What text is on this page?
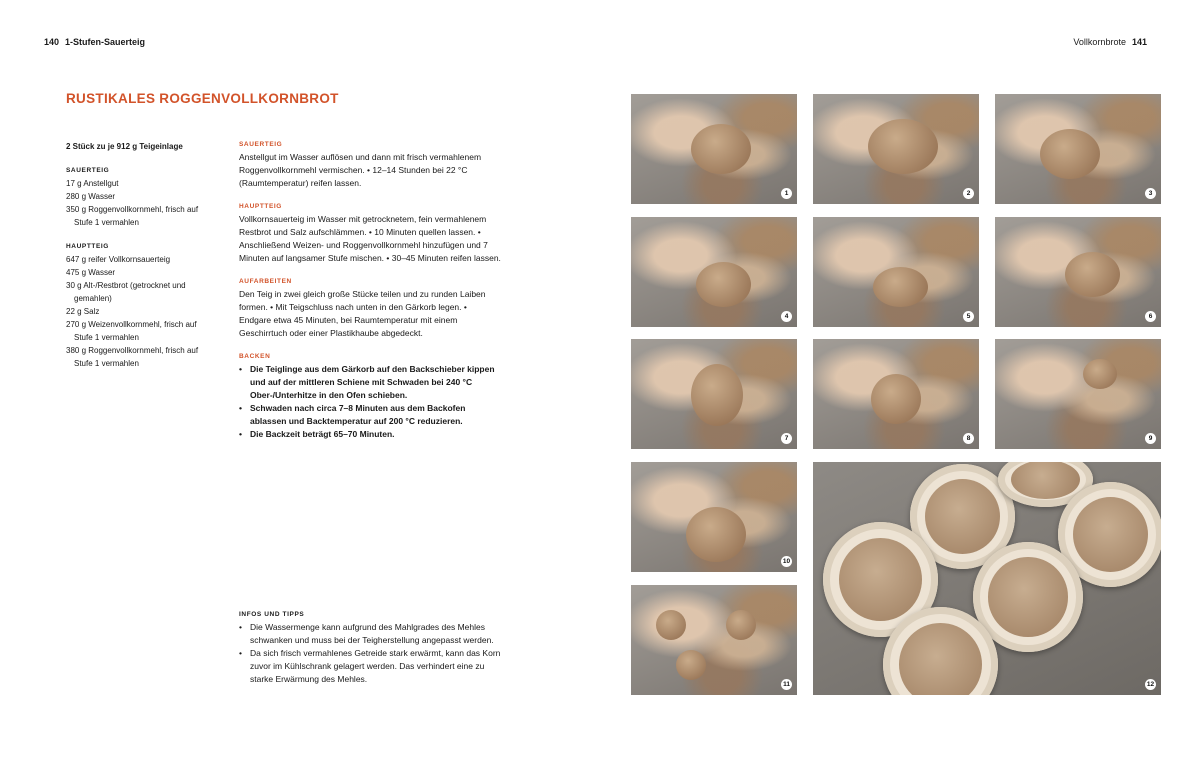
140 1-Stufen-Sauerteig	Vollkornbrote 141
RUSTIKALES ROGGENVOLLKORNBROT
2 Stück zu je 912 g Teigeinlage
SAUERTEIG
17 g Anstellgut
280 g Wasser
350 g Roggenvollkornmehl, frisch auf Stufe 1 vermahlen
HAUPTTEIG
647 g reifer Vollkornsauerteig
475 g Wasser
30 g Alt-/Restbrot (getrocknet und gemahlen)
22 g Salz
270 g Weizenvollkornmehl, frisch auf Stufe 1 vermahlen
380 g Roggenvollkornmehl, frisch auf Stufe 1 vermahlen
SAUERTEIG

Anstellgut im Wasser auflösen und dann mit frisch vermahlenem Roggenvollkornmehl vermischen. • 12–14 Stunden bei 22 °C (Raumtemperatur) reifen lassen.

HAUPTTEIG

Vollkornsauerteig im Wasser mit getrocknetem, fein vermahlenem Restbrot und Salz aufschlämmen. • 10 Minuten quellen lassen. • Anschließend Weizen- und Roggenvollkornmehl hinzufügen und 7 Minuten auf langsamer Stufe mischen. • 30–45 Minuten reifen lassen.

AUFARBEITEN

Den Teig in zwei gleich große Stücke teilen und zu runden Laiben formen. • Mit Teigschluss nach unten in den Gärkorb legen. • Endgare etwa 45 Minuten, bei Raumtemperatur mit einem Geschirrtuch oder einer Plastikhaube abgedeckt.

BACKEN
• Die Teiglinge aus dem Gärkorb auf den Backschieber kippen und auf der mittleren Schiene mit Schwaden bei 240 °C Ober-/Unterhitze in den Ofen schieben.
• Schwaden nach circa 7–8 Minuten aus dem Backofen ablassen und Backtemperatur auf 200 °C reduzieren.
• Die Backzeit beträgt 65–70 Minuten.
INFOS UND TIPPS
• Die Wassermenge kann aufgrund des Mahlgrades des Mehles schwanken und muss bei der Teigherstellung angepasst werden.
• Da sich frisch vermahlenes Getreide stark erwärmt, kann das Korn zuvor im Kühlschrank gelagert werden. Das verhindert eine zu starke Erwärmung des Mehles.
1	2	3
4	5	6
7	8	9
10
11	12
